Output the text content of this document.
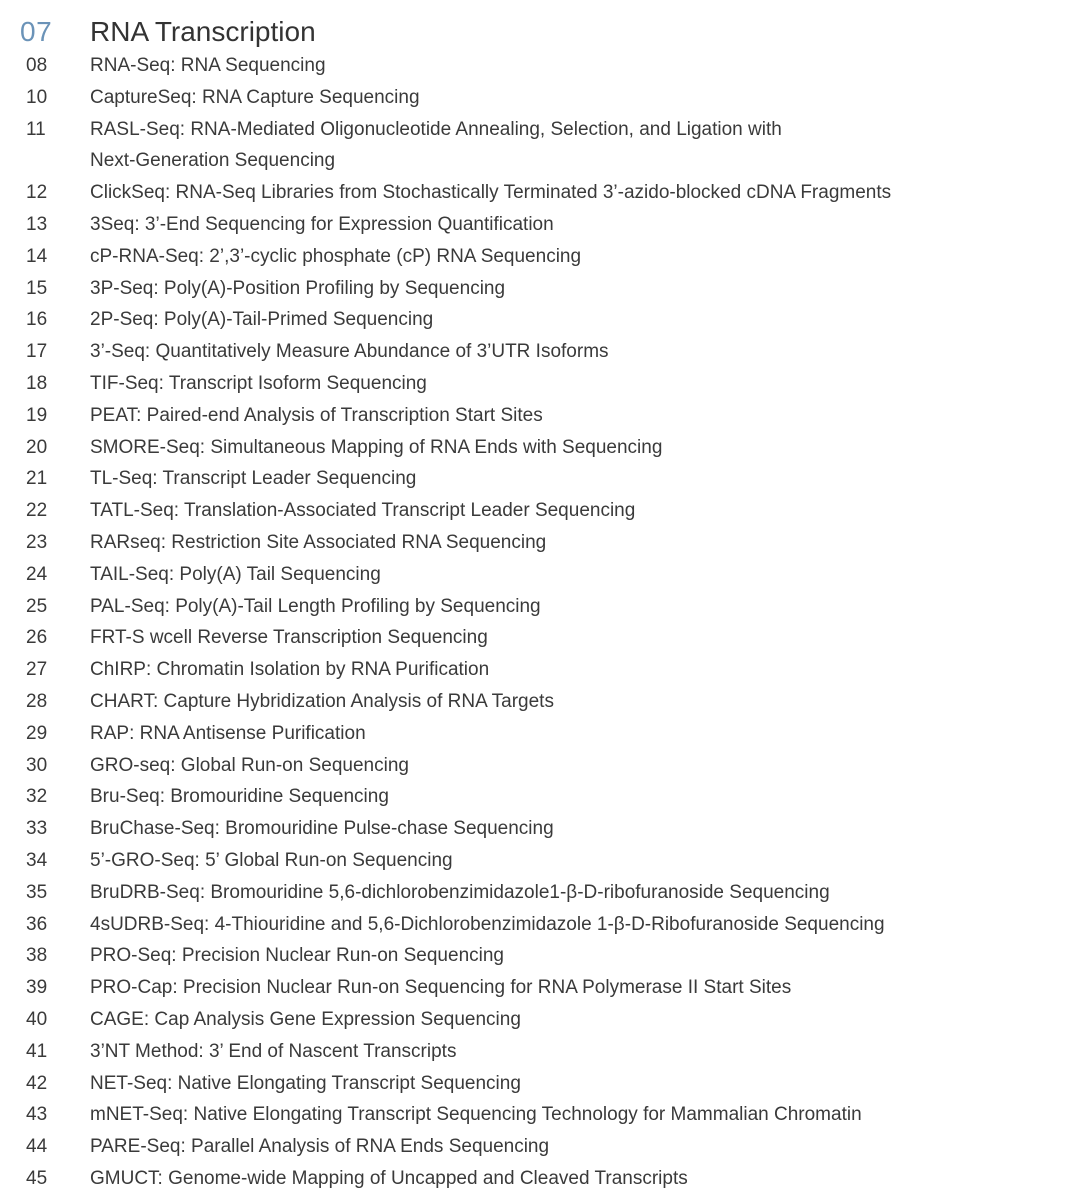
07 RNA Transcription
08	RNA-Seq: RNA Sequencing
10	CaptureSeq: RNA Capture Sequencing
11	RASL-Seq: RNA-Mediated Oligonucleotide Annealing, Selection, and Ligation with
Next-Generation Sequencing
12	ClickSeq: RNA-Seq Libraries from Stochastically Terminated 3’-azido-blocked cDNA Fragments
13	3Seq: 3’-End Sequencing for Expression Quantification
14	cP-RNA-Seq: 2’,3’-cyclic phosphate (cP) RNA Sequencing
15	3P-Seq: Poly(A)-Position Profiling by Sequencing
16	2P-Seq: Poly(A)-Tail-Primed Sequencing
17	3’-Seq: Quantitatively Measure Abundance of 3’UTR Isoforms
18	TIF-Seq: Transcript Isoform Sequencing
19	PEAT: Paired-end Analysis of Transcription Start Sites
20	SMORE-Seq: Simultaneous Mapping of RNA Ends with Sequencing
21	TL-Seq: Transcript Leader Sequencing
22	TATL-Seq: Translation-Associated Transcript Leader Sequencing
23	RARseq: Restriction Site Associated RNA Sequencing
24	TAIL-Seq: Poly(A) Tail Sequencing
25	PAL-Seq: Poly(A)-Tail Length Profiling by Sequencing
26	FRT-S wcell Reverse Transcription Sequencing
27	ChIRP: Chromatin Isolation by RNA Purification
28	CHART: Capture Hybridization Analysis of RNA Targets
29	RAP: RNA Antisense Purification
30	GRO-seq: Global Run-on Sequencing
32	Bru-Seq: Bromouridine Sequencing
33	BruChase-Seq: Bromouridine Pulse-chase Sequencing
34	5’-GRO-Seq: 5’ Global Run-on Sequencing
35	BruDRB-Seq: Bromouridine 5,6-dichlorobenzimidazole1-β-D-ribofuranoside Sequencing
36	4sUDRB-Seq: 4-Thiouridine and 5,6-Dichlorobenzimidazole 1-β-D-Ribofuranoside Sequencing
38	PRO-Seq: Precision Nuclear Run-on Sequencing
39	PRO-Cap: Precision Nuclear Run-on Sequencing for RNA Polymerase II Start Sites
40	CAGE: Cap Analysis Gene Expression Sequencing
41	3’NT Method: 3’ End of Nascent Transcripts
42	NET-Seq: Native Elongating Transcript Sequencing
43	mNET-Seq: Native Elongating Transcript Sequencing Technology for Mammalian Chromatin
44	PARE-Seq: Parallel Analysis of RNA Ends Sequencing
45	GMUCT: Genome-wide Mapping of Uncapped and Cleaved Transcripts
